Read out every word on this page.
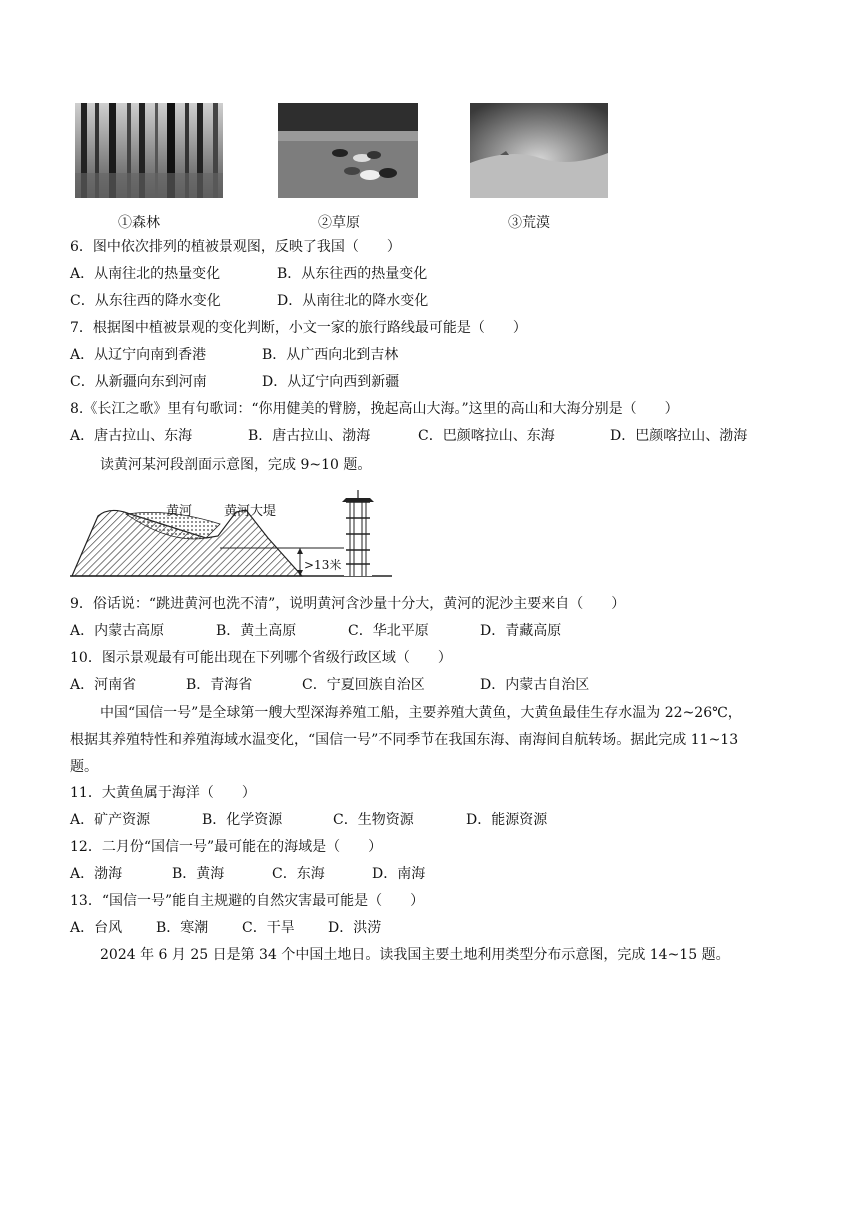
①森林	②草原	③荒漠
6．图中依次排列的植被景观图，反映了我国（　　）
A．从南往北的热量变化	B．从东往西的热量变化
C．从东往西的降水变化	D．从南往北的降水变化
7．根据图中植被景观的变化判断，小文一家的旅行路线最可能是（　　）
A．从辽宁向南到香港	B．从广西向北到吉林
C．从新疆向东到河南	D．从辽宁向西到新疆
8.《长江之歌》里有句歌词：“你用健美的臂膀，挽起高山大海。”这里的高山和大海分别是（　　）
A．唐古拉山、东海	B．唐古拉山、渤海	C．巴颜喀拉山、东海	D．巴颜喀拉山、渤海
读黄河某河段剖面示意图，完成 9~10 题。
黄河 黄河大堤
>13米
9．俗话说：“跳进黄河也洗不清”，说明黄河含沙量十分大，黄河的泥沙主要来自（　　）
A．内蒙古高原	B．黄土高原	C．华北平原	D．青藏高原
10．图示景观最有可能出现在下列哪个省级行政区域（　　）
A．河南省	B．青海省	C．宁夏回族自治区	D．内蒙古自治区
中国“国信一号”是全球第一艘大型深海养殖工船，主要养殖大黄鱼，大黄鱼最佳生存水温为 22~26℃，
根据其养殖特性和养殖海域水温变化，“国信一号”不同季节在我国东海、南海间自航转场。据此完成 11~13
题。
11．大黄鱼属于海洋（　　）
A．矿产资源	B．化学资源	C．生物资源	D．能源资源
12．二月份“国信一号”最可能在的海域是（　　）
A．渤海	B．黄海	C．东海	D．南海
13．“国信一号”能自主规避的自然灾害最可能是（　　）
A．台风 B．寒潮 C．干旱 D．洪涝
2024 年 6 月 25 日是第 34 个中国土地日。读我国主要土地利用类型分布示意图，完成 14~15 题。
